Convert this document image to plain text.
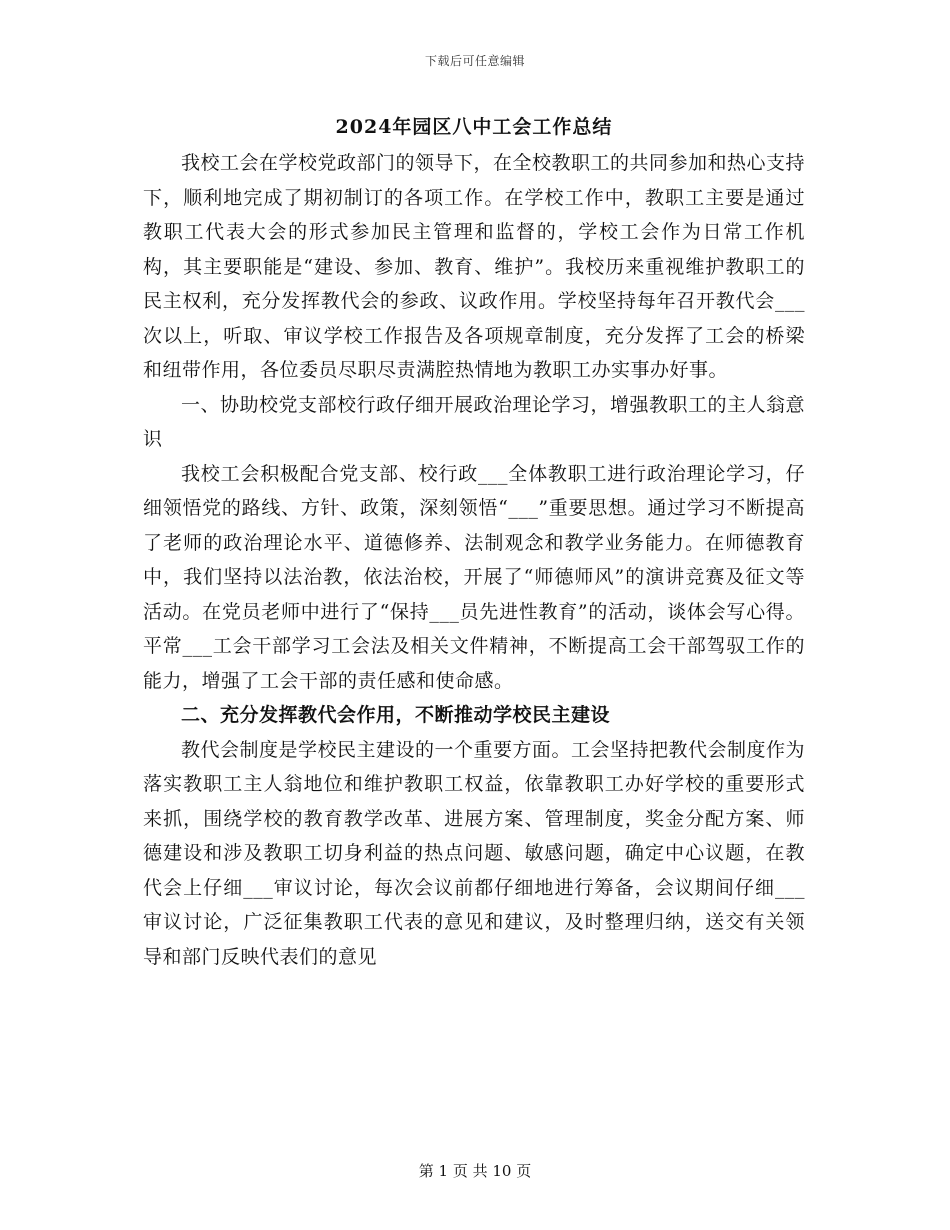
下载后可任意编辑
2024年园区八中工会工作总结

我校工会在学校党政部门的领导下，在全校教职工的共同参加和热心支持下，顺利地完成了期初制订的各项工作。在学校工作中，教职工主要是通过教职工代表大会的形式参加民主管理和监督的，学校工会作为日常工作机构，其主要职能是“建设、参加、教育、维护”。我校历来重视维护教职工的民主权利，充分发挥教代会的参政、议政作用。学校坚持每年召开教代会___次以上，听取、审议学校工作报告及各项规章制度，充分发挥了工会的桥梁和纽带作用，各位委员尽职尽责满腔热情地为教职工办实事办好事。

一、协助校党支部校行政仔细开展政治理论学习，增强教职工的主人翁意识

我校工会积极配合党支部、校行政___全体教职工进行政治理论学习，仔细领悟党的路线、方针、政策，深刻领悟“___”重要思想。通过学习不断提高了老师的政治理论水平、道德修养、法制观念和教学业务能力。在师德教育中，我们坚持以法治教，依法治校，开展了“师德师风”的演讲竞赛及征文等活动。在党员老师中进行了“保持___员先进性教育”的活动，谈体会写心得。平常___工会干部学习工会法及相关文件精神，不断提高工会干部驾驭工作的能力，增强了工会干部的责任感和使命感。

二、充分发挥教代会作用，不断推动学校民主建设

教代会制度是学校民主建设的一个重要方面。工会坚持把教代会制度作为落实教职工主人翁地位和维护教职工权益，依靠教职工办好学校的重要形式来抓，围绕学校的教育教学改革、进展方案、管理制度，奖金分配方案、师德建设和涉及教职工切身利益的热点问题、敏感问题，确定中心议题，在教代会上仔细___审议讨论，每次会议前都仔细地进行筹备，会议期间仔细___审议讨论，广泛征集教职工代表的意见和建议，及时整理归纳，送交有关领导和部门反映代表们的意见

第 1 页 共 10 页
